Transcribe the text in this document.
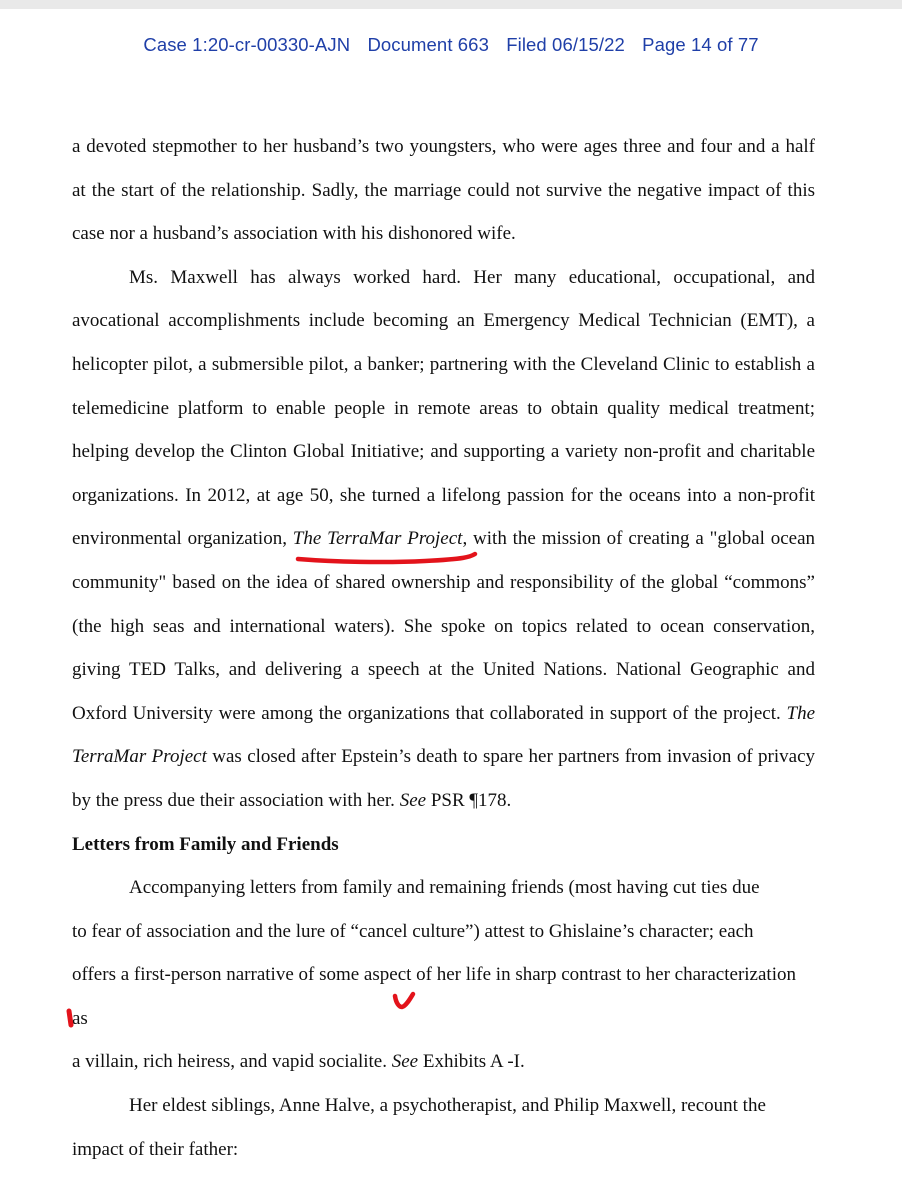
Case 1:20-cr-00330-AJN Document 663 Filed 06/15/22 Page 14 of 77

a devoted stepmother to her husband’s two youngsters, who were ages three and four and a half at the start of the relationship. Sadly, the marriage could not survive the negative impact of this case nor a husband’s association with his dishonored wife.

Ms. Maxwell has always worked hard. Her many educational, occupational, and avocational accomplishments include becoming an Emergency Medical Technician (EMT), a helicopter pilot, a submersible pilot, a banker; partnering with the Cleveland Clinic to establish a telemedicine platform to enable people in remote areas to obtain quality medical treatment; helping develop the Clinton Global Initiative; and supporting a variety non-profit and charitable organizations. In 2012, at age 50, she turned a lifelong passion for the oceans into a non-profit environmental organization, The TerraMar Project, with the mission of creating a "global ocean community" based on the idea of shared ownership and responsibility of the global “commons” (the high seas and international waters). She spoke on topics related to ocean conservation, giving TED Talks, and delivering a speech at the United Nations. National Geographic and Oxford University were among the organizations that collaborated in support of the project. The TerraMar Project was closed after Epstein’s death to spare her partners from invasion of privacy by the press due their association with her. See PSR ¶178.

Letters from Family and Friends

Accompanying letters from family and remaining friends (most having cut ties due
to fear of association and the lure of “cancel culture”) attest to Ghislaine’s character; each
offers a first-person narrative of some aspect of her life in sharp contrast to her characterization as
a villain, rich heiress, and vapid socialite. See Exhibits A -I.

Her eldest siblings, Anne Halve, a psychotherapist, and Philip Maxwell, recount the
impact of their father:
